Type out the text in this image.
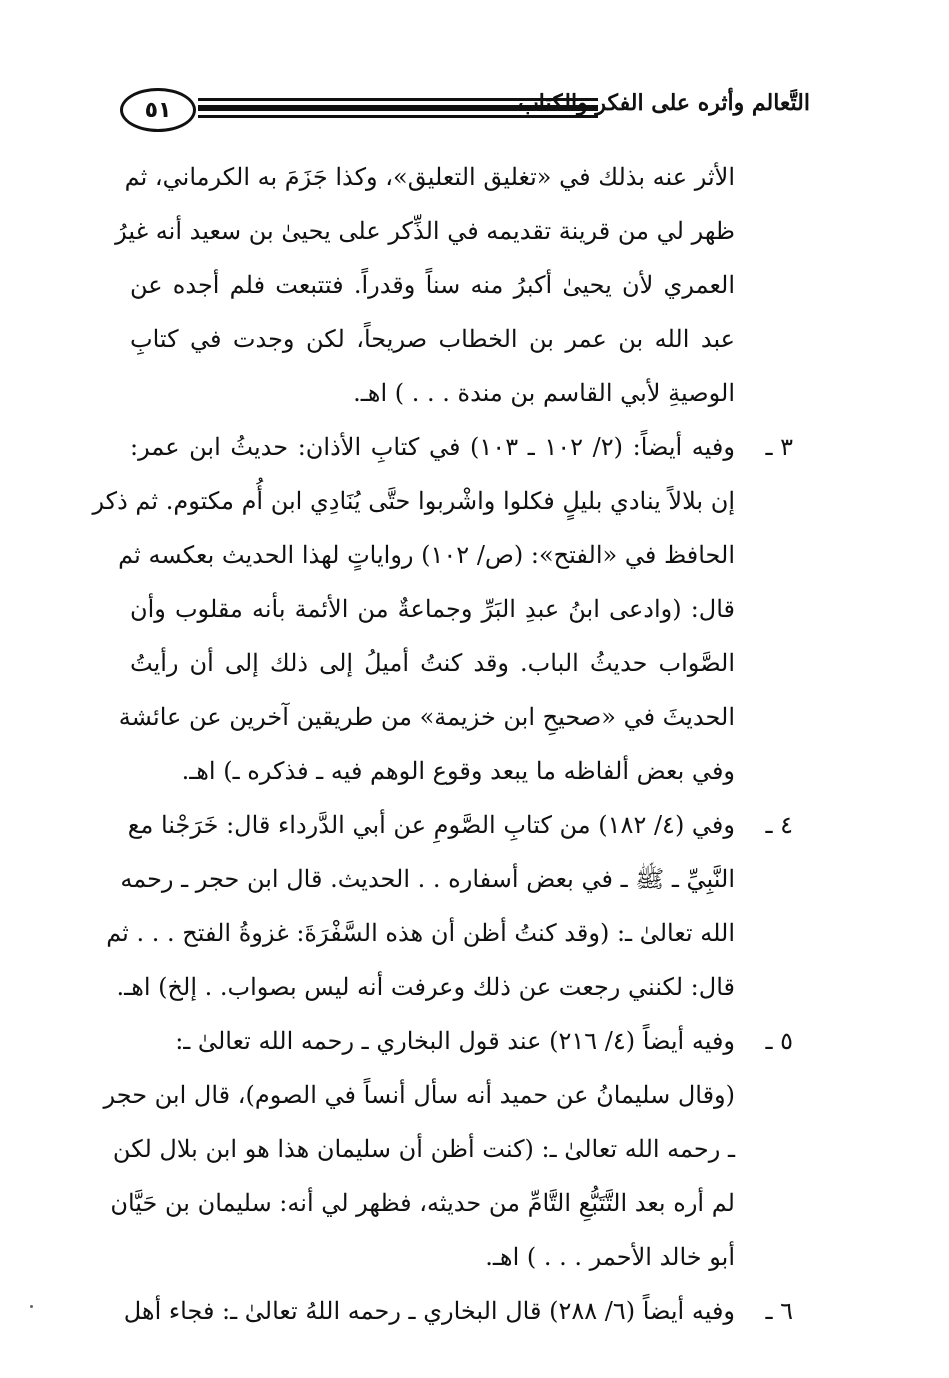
٥١	التَّعالم وأثره على الفكر والكتاب
الأثر عنه بذلك في «تغليق التعليق»، وكذا جَزَمَ به الكرماني، ثم
ظهر لي من قرينة تقديمه في الذِّكر على يحيىٰ بن سعيد أنه غيرُ
العمري لأن يحيىٰ أكبرُ منه سناً وقدراً. فتتبعت فلم أجده عن
عبد الله بن عمر بن الخطاب صريحاً، لكن وجدت في كتابِ
الوصيةِ لأبي القاسم بن مندة . . . ) اهـ.
٣ ـ
وفيه أيضاً: (٢/ ١٠٢ ـ ١٠٣) في كتابِ الأذان: حديثُ ابن عمر:
إن بلالاً ينادي بليلٍ فكلوا واشْربوا حتَّى يُنَادِي ابن أُم مكتوم. ثم ذكر
الحافظ في «الفتح»: (ص/ ١٠٢) رواياتٍ لهذا الحديث بعكسه ثم
قال: (وادعى ابنُ عبدِ البَرِّ وجماعةٌ من الأئمة بأنه مقلوب وأن
الصَّواب حديثُ الباب. وقد كنتُ أميلُ إلى ذلك إلى أن رأيتُ
الحديثَ في «صحيحِ ابن خزيمة» من طريقين آخرين عن عائشة
وفي بعض ألفاظه ما يبعد وقوع الوهم فيه ـ فذكره ـ) اهـ.
٤ ـ
وفي (٤/ ١٨٢) من كتابِ الصَّومِ عن أبي الدَّرداء قال: خَرَجْنا مع
النَّبِيِّ ـ ﷺ ـ في بعض أسفاره . . الحديث. قال ابن حجر ـ رحمه
الله تعالىٰ ـ: (وقد كنتُ أظن أن هذه السَّفْرَةَ: غزوةُ الفتح . . . ثم
قال: لكنني رجعت عن ذلك وعرفت أنه ليس بصواب. . إلخ) اهـ.
٥ ـ
وفيه أيضاً (٤/ ٢١٦) عند قول البخاري ـ رحمه الله تعالىٰ ـ:
(وقال سليمانُ عن حميد أنه سأل أنساً في الصوم)، قال ابن حجر
ـ رحمه الله تعالىٰ ـ: (كنت أظن أن سليمان هذا هو ابن بلال لكن
لم أره بعد التَّتَبُّعِ التَّامِّ من حديثه، فظهر لي أنه: سليمان بن حَيَّان
أبو خالد الأحمر . . . ) اهـ.
٦ ـ
وفيه أيضاً (٦/ ٢٨٨) قال البخاري ـ رحمه اللهُ تعالىٰ ـ: فجاء أهل
